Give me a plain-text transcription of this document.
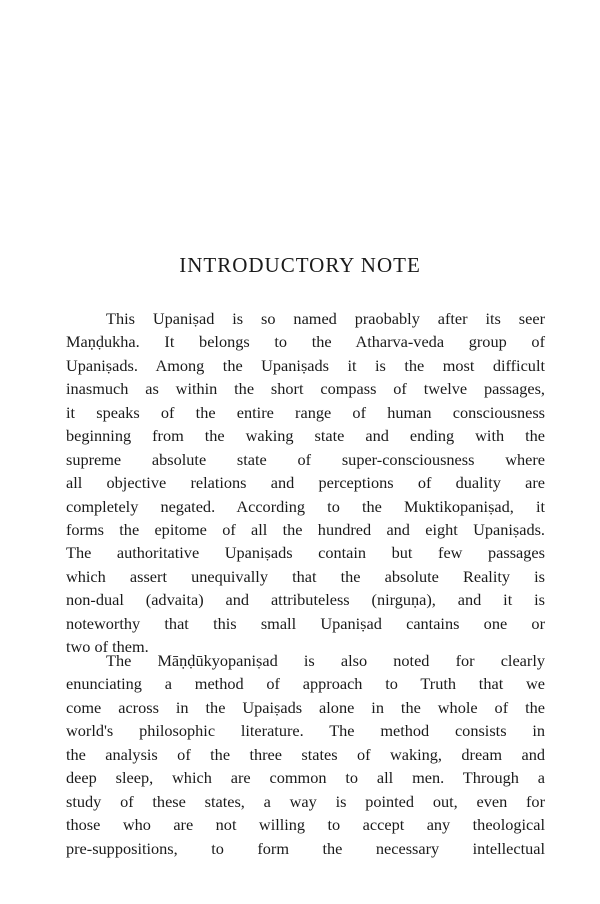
INTRODUCTORY NOTE
This Upaniṣad is so named praobably after its seer
Maṇḍukha. It belongs to the Atharva-veda group of
Upaniṣads. Among the Upaniṣads it is the most difficult
inasmuch as within the short compass of twelve passages,
it speaks of the entire range of human consciousness
beginning from the waking state and ending with the
supreme absolute state of super-consciousness where
all objective relations and perceptions of duality are
completely negated. According to the Muktikopaniṣad, it
forms the epitome of all the hundred and eight Upaniṣads.
The authoritative Upaniṣads contain but few passages
which assert unequivally that the absolute Reality is
non-dual (advaita) and attributeless (nirguṇa), and it is
noteworthy that this small Upaniṣad cantains one or
two of them.
The Māṇḍūkyopaniṣad is also noted for clearly
enunciating a method of approach to Truth that we
come across in the Upaiṣads alone in the whole of the
world's philosophic literature. The method consists in
the analysis of the three states of waking, dream and
deep sleep, which are common to all men. Through a
study of these states, a way is pointed out, even for
those who are not willing to accept any theological
pre-suppositions, to form the necessary intellectual
